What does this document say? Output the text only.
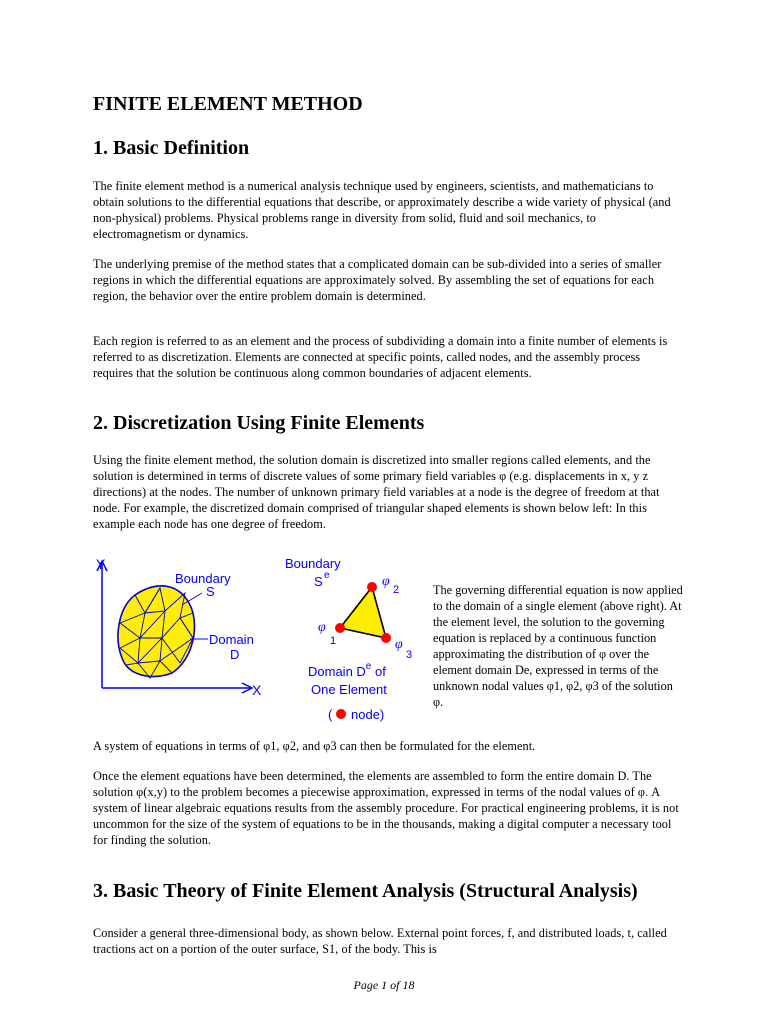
FINITE ELEMENT METHOD
1. Basic Definition

The finite element method is a numerical analysis technique used by engineers, scientists, and mathematicians to obtain solutions to the differential equations that describe, or approximately describe a wide variety of physical (and non-physical) problems. Physical problems range in diversity from solid, fluid and soil mechanics, to electromagnetism or dynamics.

The underlying premise of the method states that a complicated domain can be sub-divided into a series of smaller regions in which the differential equations are approximately solved. By assembling the set of equations for each region, the behavior over the entire problem domain is determined.

Each region is referred to as an element and the process of subdividing a domain into a finite number of elements is referred to as discretization. Elements are connected at specific points, called nodes, and the assembly process requires that the solution be continuous along common boundaries of adjacent elements.

2. Discretization Using Finite Elements

Using the finite element method, the solution domain is discretized into smaller regions called elements, and the solution is determined in terms of discrete values of some primary field variables φ (e.g. displacements in x, y z directions) at the nodes. The number of unknown primary field variables at a node is the degree of freedom at that node. For example, the discretized domain comprised of triangular shaped elements is shown below left: In this example each node has one degree of freedom.

Y
X
Boundary
S
Domain
D
Boundary
S e	φ
2
φ
1	φ
3
Domain De of
One Element
( node)
The governing differential equation is now applied to the domain of a single element (above right). At the element level, the solution to the governing equation is replaced by a continuous function approximating the distribution of φ over the element domain De, expressed in terms of the unknown nodal values φ1, φ2, φ3 of the solution φ.

A system of equations in terms of φ1, φ2, and φ3 can then be formulated for the element.

Once the element equations have been determined, the elements are assembled to form the entire domain D. The solution φ(x,y) to the problem becomes a piecewise approximation, expressed in terms of the nodal values of φ. A system of linear algebraic equations results from the assembly procedure. For practical engineering problems, it is not uncommon for the size of the system of equations to be in the thousands, making a digital computer a necessary tool for finding the solution.

3. Basic Theory of Finite Element Analysis (Structural Analysis)

Consider a general three-dimensional body, as shown below. External point forces, f, and distributed loads, t, called tractions act on a portion of the outer surface, S1, of the body. This is

Page 1 of 18
